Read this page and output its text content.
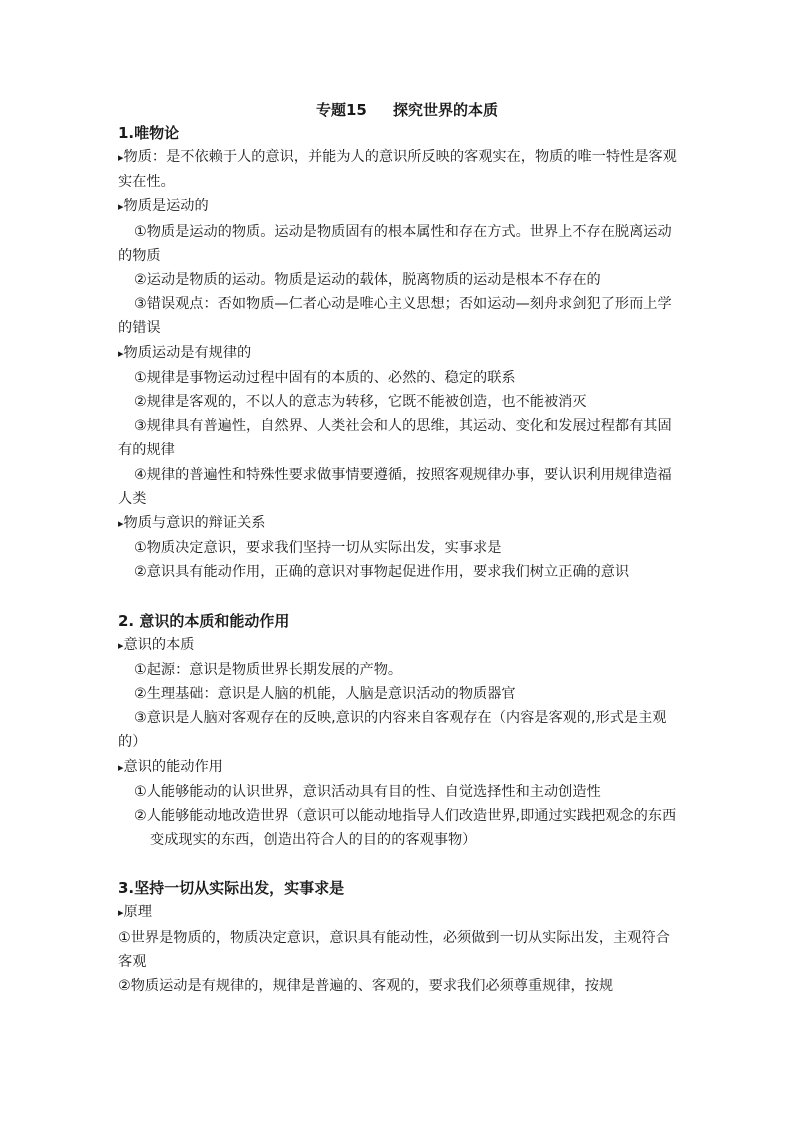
专题15     探究世界的本质
1.唯物论
▸ 物质：是不依赖于人的意识，并能为人的意识所反映的客观实在，物质的唯一特性是客观实在性。
▸ 物质是运动的
①物质是运动的物质。运动是物质固有的根本属性和存在方式。世界上不存在脱离运动的物质
②运动是物质的运动。物质是运动的载体，脱离物质的运动是根本不存在的
③错误观点：否如物质—仁者心动是唯心主义思想；否如运动—刻舟求剑犯了形而上学的错误
▸ 物质运动是有规律的
①规律是事物运动过程中固有的本质的、必然的、稳定的联系
②规律是客观的，不以人的意志为转移，它既不能被创造，也不能被消灭
③规律具有普遍性，自然界、人类社会和人的思维，其运动、变化和发展过程都有其固有的规律
④规律的普遍性和特殊性要求做事情要遵循，按照客观规律办事，要认识利用规律造福人类
▸ 物质与意识的辩证关系
①物质决定意识，要求我们坚持一切从实际出发，实事求是
②意识具有能动作用，正确的意识对事物起促进作用，要求我们树立正确的意识
2. 意识的本质和能动作用
▸ 意识的本质
①起源：意识是物质世界长期发展的产物。
②生理基础：意识是人脑的机能，人脑是意识活动的物质器官
③意识是人脑对客观存在的反映,意识的内容来自客观存在（内容是客观的,形式是主观的）
▸ 意识的能动作用
①人能够能动的认识世界，意识活动具有目的性、自觉选择性和主动创造性
②人能够能动地改造世界（意识可以能动地指导人们改造世界,即通过实践把观念的东西变成现实的东西，创造出符合人的目的的客观事物）
3.坚持一切从实际出发，实事求是
▸ 原理
①世界是物质的，物质决定意识，意识具有能动性，必须做到一切从实际出发，主观符合客观
②物质运动是有规律的，规律是普遍的、客观的，要求我们必须尊重规律，按规
